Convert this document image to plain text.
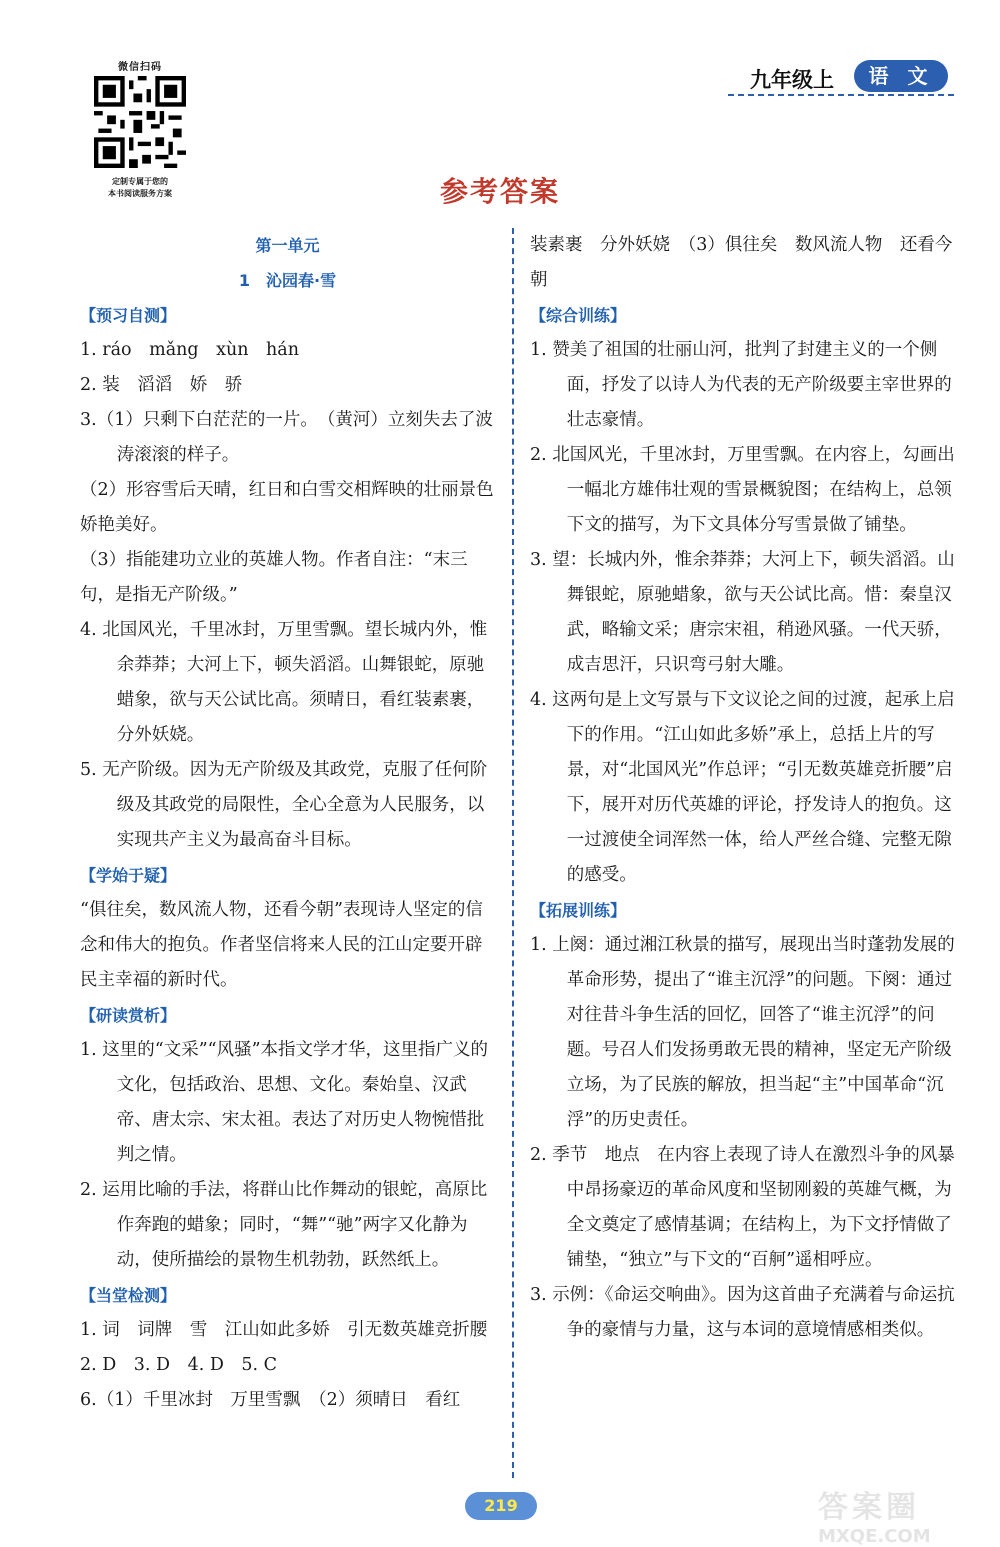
微信扫码
定制专属于您的
本书阅读服务方案
九年级上	语 文
参考答案
第一单元
1　沁园春·雪
【预习自测】
1. ráo　mǎng　xùn　hán
2. 装　滔滔　娇　骄
3.（1）只剩下白茫茫的一片。　（黄河）立刻失去了波涛滚滚的样子。
（2）形容雪后天晴，红日和白雪交相辉映的壮丽景色　　娇艳美好。
（3）指能建功立业的英雄人物。作者自注：“末三句，是指无产阶级。”
4. 北国风光，千里冰封，万里雪飘。望长城内外，惟余莽莽；大河上下，顿失滔滔。山舞银蛇，原驰蜡象，欲与天公试比高。须晴日，看红装素裹，分外妖娆。
5. 无产阶级。因为无产阶级及其政党，克服了任何阶级及其政党的局限性，全心全意为人民服务，以实现共产主义为最高奋斗目标。
【学始于疑】
“俱往矣，数风流人物，还看今朝”表现诗人坚定的信念和伟大的抱负。作者坚信将来人民的江山定要开辟民主幸福的新时代。
【研读赏析】
1. 这里的“文采”“风骚”本指文学才华，这里指广义的文化，包括政治、思想、文化。秦始皇、汉武帝、唐太宗、宋太祖。表达了对历史人物惋惜批判之情。
2. 运用比喻的手法，将群山比作舞动的银蛇，高原比作奔跑的蜡象；同时，“舞”“驰”两字又化静为动，使所描绘的景物生机勃勃，跃然纸上。
【当堂检测】
1. 词　词牌　雪　江山如此多娇　引无数英雄竞折腰
2. D　3. D　4. D　5. C
6.（1）千里冰封　万里雪飘　（2）须晴日　看红
装素裹　分外妖娆　（3）俱往矣　数风流人物　还看今朝
【综合训练】
1. 赞美了祖国的壮丽山河，批判了封建主义的一个侧面，抒发了以诗人为代表的无产阶级要主宰世界的壮志豪情。
2. 北国风光，千里冰封，万里雪飘。在内容上，勾画出一幅北方雄伟壮观的雪景概貌图；在结构上，总领下文的描写，为下文具体分写雪景做了铺垫。
3. 望：长城内外，惟余莽莽；大河上下，顿失滔滔。山舞银蛇，原驰蜡象，欲与天公试比高。惜：秦皇汉武，略输文采；唐宗宋祖，稍逊风骚。一代天骄，成吉思汗，只识弯弓射大雕。
4. 这两句是上文写景与下文议论之间的过渡，起承上启下的作用。“江山如此多娇”承上，总括上片的写景，对“北国风光”作总评；“引无数英雄竞折腰”启下，展开对历代英雄的评论，抒发诗人的抱负。这一过渡使全词浑然一体，给人严丝合缝、完整无隙的感受。
【拓展训练】
1. 上阕：通过湘江秋景的描写，展现出当时蓬勃发展的革命形势，提出了“谁主沉浮”的问题。下阕：通过对往昔斗争生活的回忆，回答了“谁主沉浮”的问题。号召人们发扬勇敢无畏的精神，坚定无产阶级立场，为了民族的解放，担当起“主”中国革命“沉浮”的历史责任。
2. 季节　地点　在内容上表现了诗人在激烈斗争的风暴中昂扬豪迈的革命风度和坚韧刚毅的英雄气概，为全文奠定了感情基调；在结构上，为下文抒情做了铺垫，“独立”与下文的“百舸”遥相呼应。
3. 示例：《命运交响曲》。因为这首曲子充满着与命运抗争的豪情与力量，这与本词的意境情感相类似。
219	答案圈
MXQE.COM
